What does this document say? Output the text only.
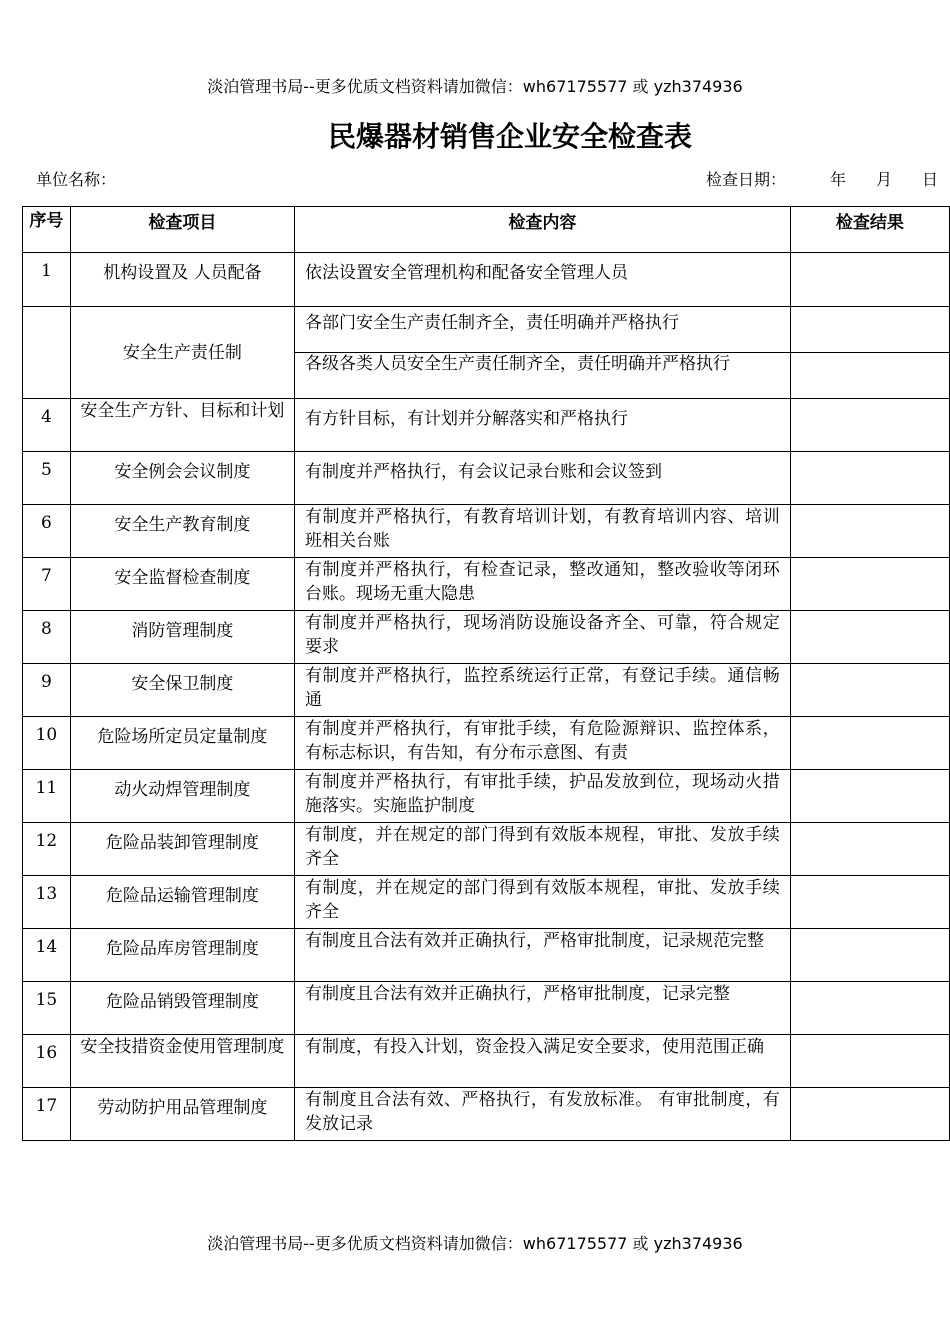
淡泊管理书局--更多优质文档资料请加微信：wh67175577 或 yzh374936
民爆器材销售企业安全检查表
单位名称：	检查日期：	年 月 日
序号	检查项目	检查内容	检查结果
1	机构设置及 人员配备	依法设置安全管理机构和配备安全管理人员	
	安全生产责任制	各部门安全生产责任制齐全，责任明确并严格执行	
		各级各类人员安全生产责任制齐全，责任明确并严格执行	
4	安全生产方针、目标和计划	有方针目标，有计划并分解落实和严格执行	
5	安全例会会议制度	有制度并严格执行，有会议记录台账和会议签到	
6	安全生产教育制度	有制度并严格执行，有教育培训计划，有教育培训内容、培训班相关台账	
7	安全监督检查制度	有制度并严格执行，有检查记录，整改通知，整改验收等闭环台账。现场无重大隐患	
8	消防管理制度	有制度并严格执行，现场消防设施设备齐全、可靠，符合规定要求	
9	安全保卫制度	有制度并严格执行，监控系统运行正常，有登记手续。通信畅通	
10	危险场所定员定量制度	有制度并严格执行，有审批手续，有危险源辩识、监控体系，有标志标识，有告知，有分布示意图、有责	

11	动火动焊管理制度	有制度并严格执行，有审批手续，护品发放到位，现场动火措施落实。实施监护制度	
12	危险品装卸管理制度	有制度，并在规定的部门得到有效版本规程，审批、发放手续齐全	
13	危险品运输管理制度	有制度，并在规定的部门得到有效版本规程，审批、发放手续齐全	
14	危险品库房管理制度	有制度且合法有效并正确执行，严格审批制度，记录规范完整	
15	危险品销毁管理制度	有制度且合法有效并正确执行，严格审批制度，记录完整	
16	安全技措资金使用管理制度	有制度，有投入计划，资金投入满足安全要求，使用范围正确	
17	劳动防护用品管理制度	有制度且合法有效、严格执行，有发放标准。 有审批制度，有发放记录	
淡泊管理书局--更多优质文档资料请加微信：wh67175577 或 yzh374936
